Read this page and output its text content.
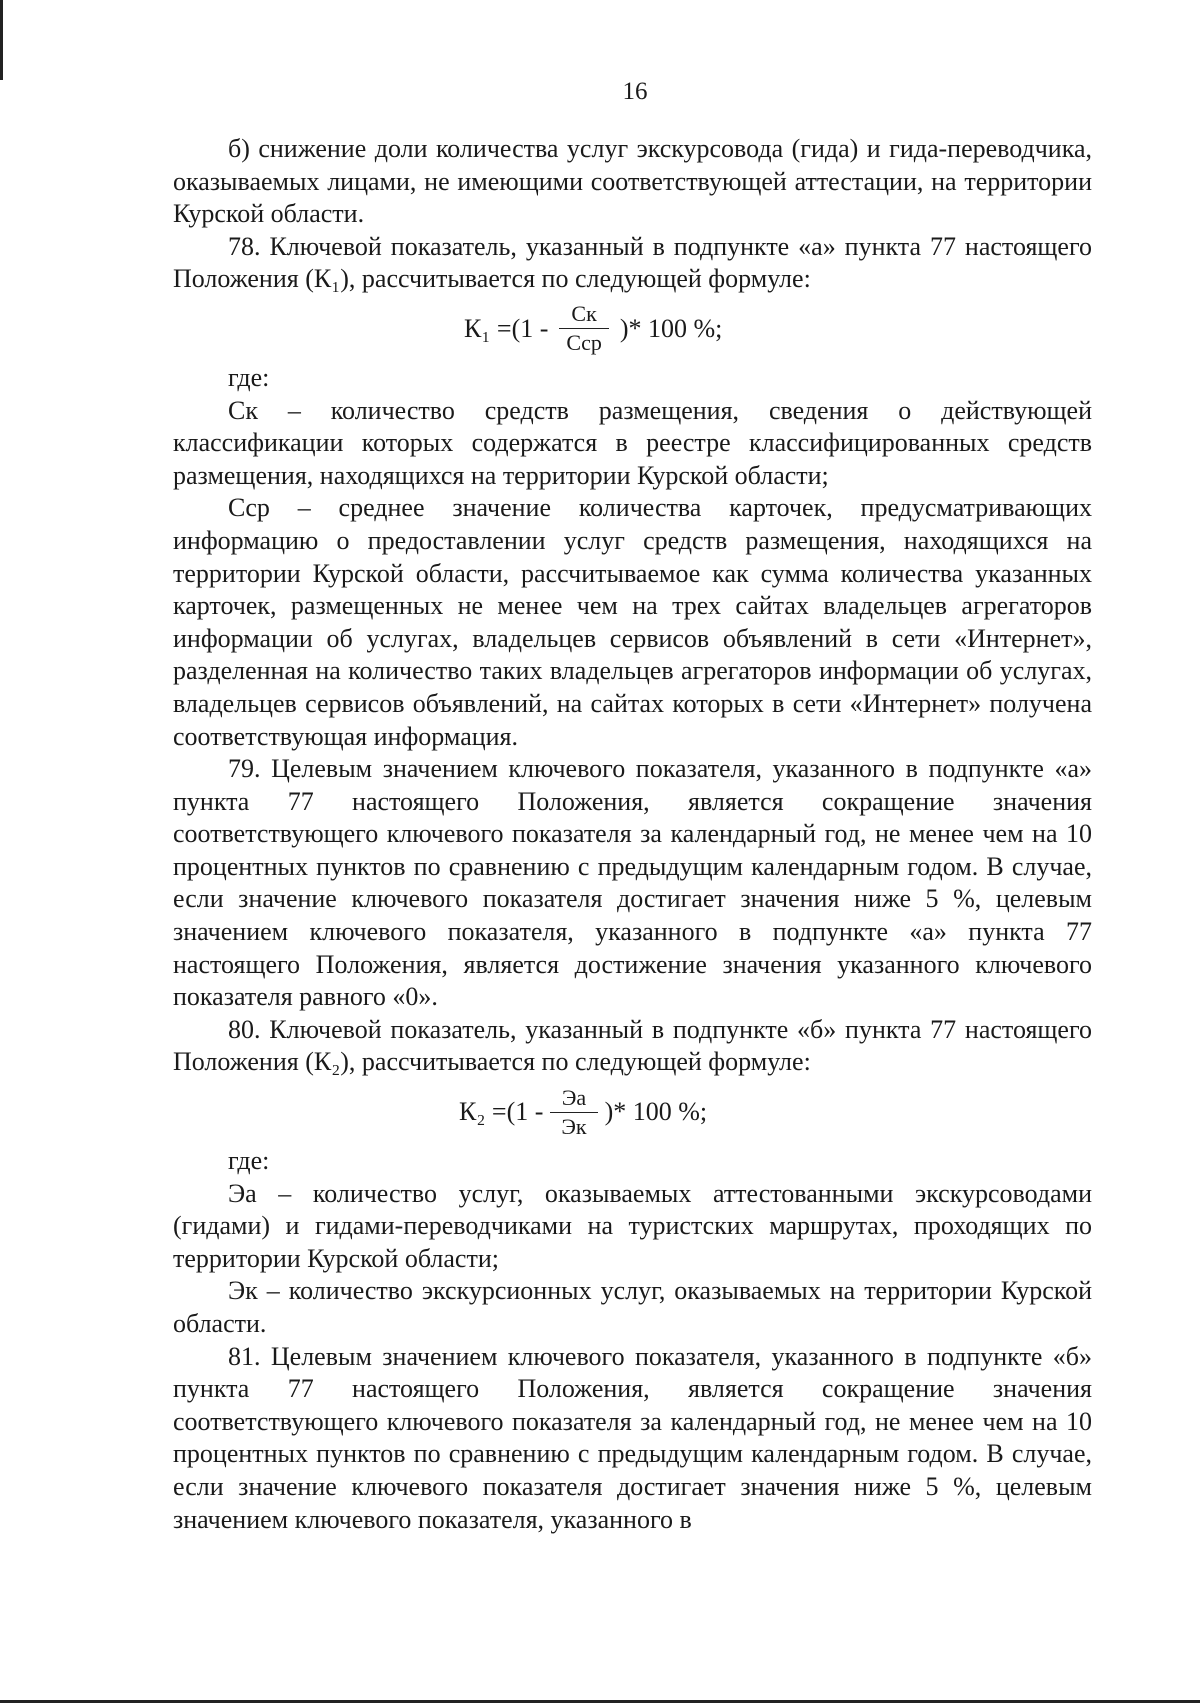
16

б) снижение доли количества услуг экскурсовода (гида) и гида-переводчика, оказываемых лицами, не имеющими соответствующей аттестации, на территории Курской области.

78. Ключевой показатель, указанный в подпункте «а» пункта 77 настоящего Положения (К₁), рассчитывается по следующей формуле:

$К_1 =(1 - \frac{Cк}{\text{Cср}}$ )* 100 %;

где:

Cк – количество средств размещения, сведения о действующей классификации которых содержатся в реестре классифицированных средств размещения, находящихся на территории Курской области;

Cср – среднее значение количества карточек, предусматривающих информацию о предоставлении услуг средств размещения, находящихся на территории Курской области, рассчитываемое как сумма количества указанных карточек, размещенных не менее чем на трех сайтах владельцев агрегаторов информации об услугах, владельцев сервисов объявлений в сети «Интернет», разделенная на количество таких владельцев агрегаторов информации об услугах, владельцев сервисов объявлений, на сайтах которых в сети «Интернет» получена соответствующая информация.

79. Целевым значением ключевого показателя, указанного в подпункте «а» пункта 77 настоящего Положения, является сокращение значения соответствующего ключевого показателя за календарный год, не менее чем на 10 процентных пунктов по сравнению с предыдущим календарным годом. В случае, если значение ключевого показателя достигает значения ниже 5 %, целевым значением ключевого показателя, указанного в подпункте «а» пункта 77 настоящего Положения, является достижение значения указанного ключевого показателя равного «0».

80. Ключевой показатель, указанный в подпункте «б» пункта 77 настоящего Положения (К₂), рассчитывается по следующей формуле:

$К_2 =(1 - \frac{Эа}{Эк}$ )* 100 %;

где:

Эа – количество услуг, оказываемых аттестованными экскурсоводами (гидами) и гидами-переводчиками на туристских маршрутах, проходящих по территории Курской области;

Эк – количество экскурсионных услуг, оказываемых на территории Курской области.

81. Целевым значением ключевого показателя, указанного в подпункте «б» пункта 77 настоящего Положения, является сокращение значения соответствующего ключевого показателя за календарный год, не менее чем на 10 процентных пунктов по сравнению с предыдущим календарным годом. В случае, если значение ключевого показателя достигает значения ниже 5 %, целевым значением ключевого показателя, указанного в
